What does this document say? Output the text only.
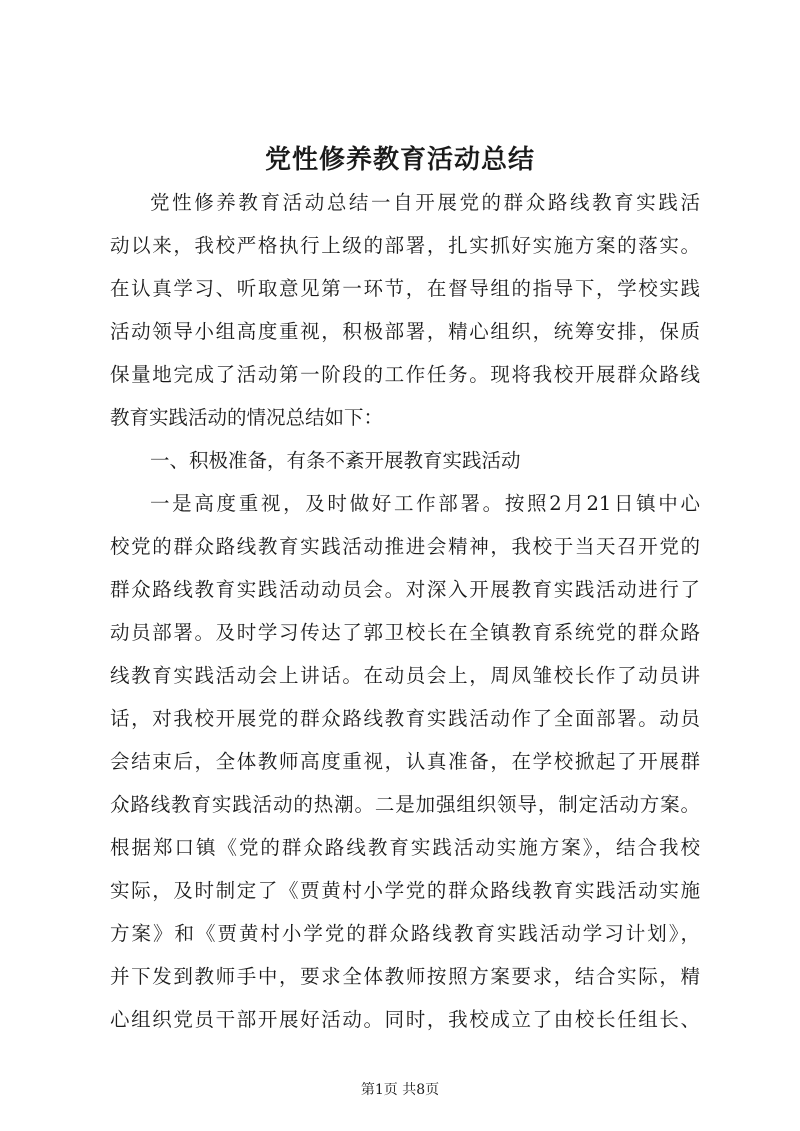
党性修养教育活动总结

党性修养教育活动总结一自开展党的群众路线教育实践活

动以来，我校严格执行上级的部署，扎实抓好实施方案的落实。

在认真学习、听取意见第一环节，在督导组的指导下，学校实践

活动领导小组高度重视，积极部署，精心组织，统筹安排，保质

保量地完成了活动第一阶段的工作任务。现将我校开展群众路线

教育实践活动的情况总结如下：

一、积极准备，有条不紊开展教育实践活动

一是高度重视，及时做好工作部署。按照2月21日镇中心

校党的群众路线教育实践活动推进会精神，我校于当天召开党的

群众路线教育实践活动动员会。对深入开展教育实践活动进行了

动员部署。及时学习传达了郭卫校长在全镇教育系统党的群众路

线教育实践活动会上讲话。在动员会上，周凤雏校长作了动员讲

话，对我校开展党的群众路线教育实践活动作了全面部署。动员

会结束后，全体教师高度重视，认真准备，在学校掀起了开展群

众路线教育实践活动的热潮。二是加强组织领导，制定活动方案。

根据郑口镇《党的群众路线教育实践活动实施方案》，结合我校

实际，及时制定了《贾黄村小学党的群众路线教育实践活动实施

方案》和《贾黄村小学党的群众路线教育实践活动学习计划》，

并下发到教师手中，要求全体教师按照方案要求，结合实际，精

心组织党员干部开展好活动。同时，我校成立了由校长任组长、

第1页 共8页
